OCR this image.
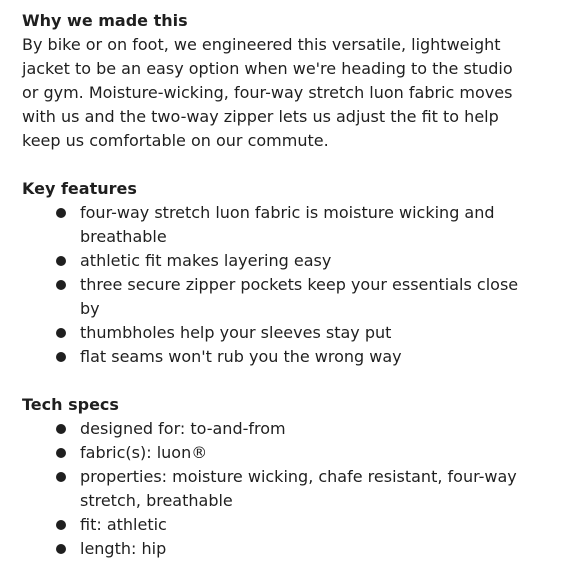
Why we made this
By bike or on foot, we engineered this versatile, lightweight
jacket to be an easy option when we're heading to the studio
or gym. Moisture-wicking, four-way stretch luon fabric moves
with us and the two-way zipper lets us adjust the fit to help
keep us comfortable on our commute.
Key features
four-way stretch luon fabric is moisture wicking and
breathable
athletic fit makes layering easy
three secure zipper pockets keep your essentials close
by
thumbholes help your sleeves stay put
flat seams won't rub you the wrong way
Tech specs
designed for: to-and-from
fabric(s): luon®
properties: moisture wicking, chafe resistant, four-way
stretch, breathable
fit: athletic
length: hip
